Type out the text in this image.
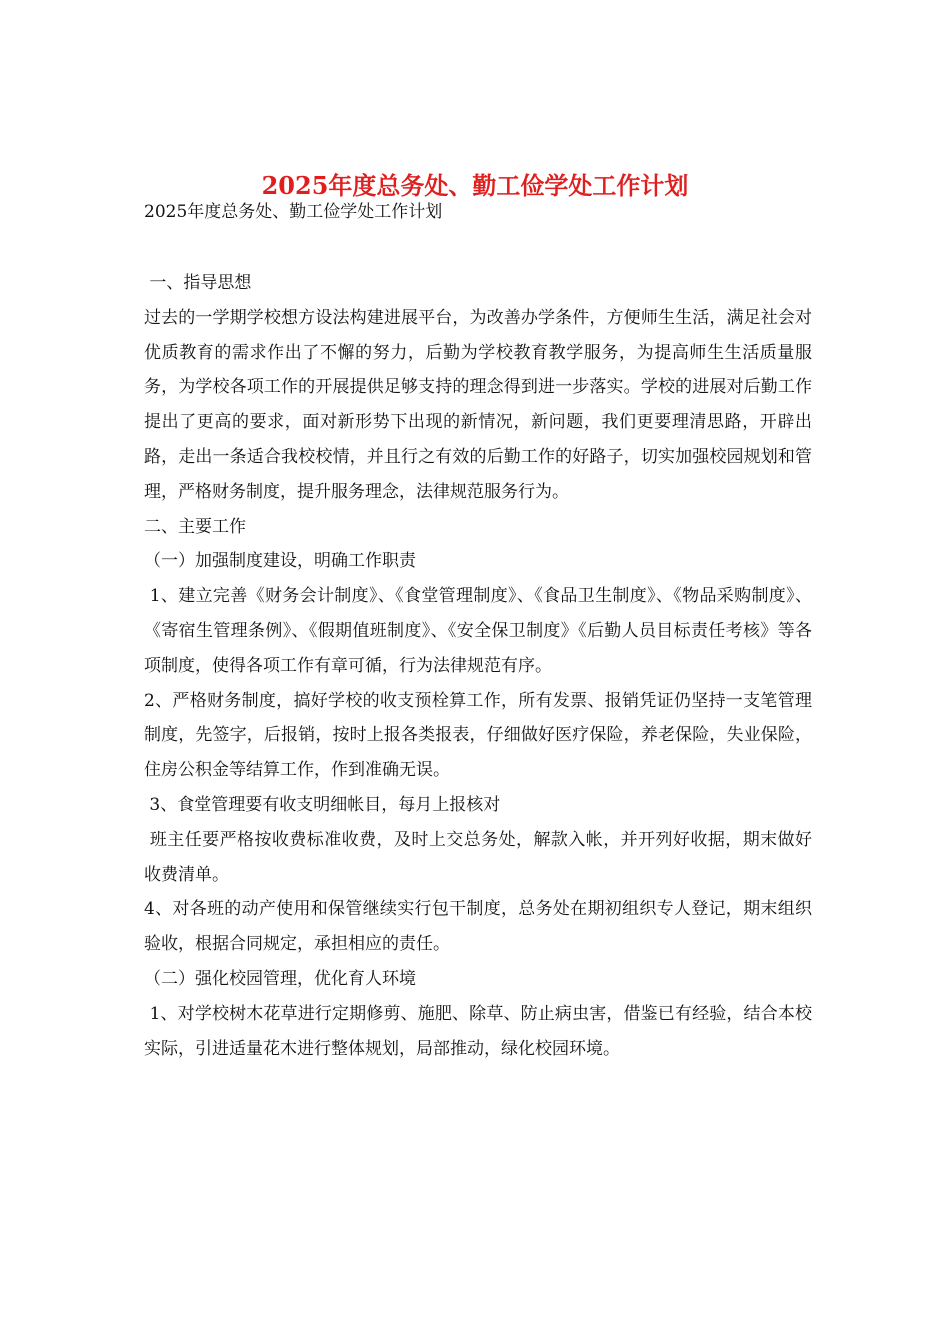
2025年度总务处、勤工俭学处工作计划
2025年度总务处、勤工俭学处工作计划

一、指导思想

过去的一学期学校想方设法构建进展平台，为改善办学条件，方便师生生活，满足社会对优质教育的需求作出了不懈的努力，后勤为学校教育教学服务，为提高师生生活质量服务，为学校各项工作的开展提供足够支持的理念得到进一步落实。学校的进展对后勤工作提出了更高的要求，面对新形势下出现的新情况，新问题，我们更要理清思路，开辟出路，走出一条适合我校校情，并且行之有效的后勤工作的好路子，切实加强校园规划和管理，严格财务制度，提升服务理念，法律规范服务行为。

二、主要工作

（一）加强制度建设，明确工作职责

1、建立完善《财务会计制度》、《食堂管理制度》、《食品卫生制度》、《物品采购制度》、《寄宿生管理条例》、《假期值班制度》、《安全保卫制度》《后勤人员目标责任考核》等各项制度，使得各项工作有章可循，行为法律规范有序。

2、严格财务制度，搞好学校的收支预栓算工作，所有发票、报销凭证仍坚持一支笔管理制度，先签字，后报销，按时上报各类报表，仔细做好医疗保险，养老保险，失业保险，住房公积金等结算工作，作到准确无误。

3、食堂管理要有收支明细帐目，每月上报核对

班主任要严格按收费标准收费，及时上交总务处，解款入帐，并开列好收据，期末做好收费清单。

4、对各班的动产使用和保管继续实行包干制度，总务处在期初组织专人登记，期末组织验收，根据合同规定，承担相应的责任。

（二）强化校园管理，优化育人环境

1、对学校树木花草进行定期修剪、施肥、除草、防止病虫害，借鉴已有经验，结合本校实际，引进适量花木进行整体规划，局部推动，绿化校园环境。
